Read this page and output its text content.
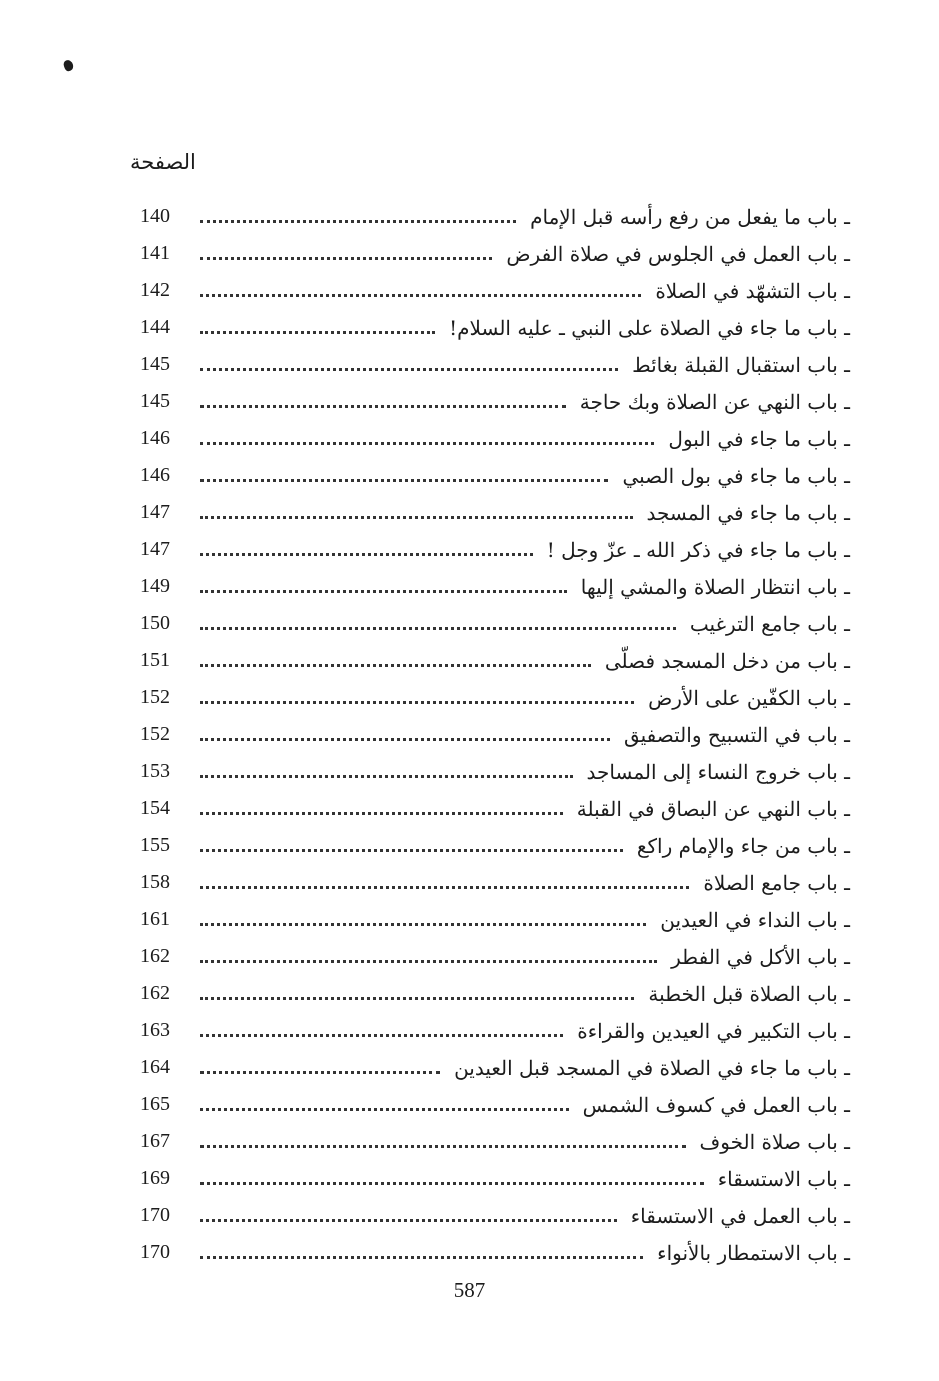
الصفحة
140	ـ باب ما يفعل من رفع رأسه قبل الإمام
141	ـ باب العمل في الجلوس في صلاة الفرض
142	ـ باب التشهّد في الصلاة
144	ـ باب ما جاء في الصلاة على النبي ـ عليه السلام!
145	ـ باب استقبال القبلة بغائط
145	ـ باب النهي عن الصلاة وبك حاجة
146	ـ باب ما جاء في البول
146	ـ باب ما جاء في بول الصبي
147	ـ باب ما جاء في المسجد
147	ـ باب ما جاء في ذكر الله ـ عزّ وجل !
149	ـ باب انتظار الصلاة والمشي إليها
150	ـ باب جامع الترغيب
151	ـ باب من دخل المسجد فصلّى
152	ـ باب الكفّين على الأرض
152	ـ باب في التسبيح والتصفيق
153	ـ باب خروج النساء إلى المساجد
154	ـ باب النهي عن البصاق في القبلة
155	ـ باب من جاء والإمام راكع
158	ـ باب جامع الصلاة
161	ـ باب النداء في العيدين
162	ـ باب الأكل في الفطر
162	ـ باب الصلاة قبل الخطبة
163	ـ باب التكبير في العيدين والقراءة
164	ـ باب ما جاء في الصلاة في المسجد قبل العيدين
165	ـ باب العمل في كسوف الشمس
167	ـ باب صلاة الخوف
169	ـ باب الاستسقاء
170	ـ باب العمل في الاستسقاء
170	ـ باب الاستمطار بالأنواء
587
